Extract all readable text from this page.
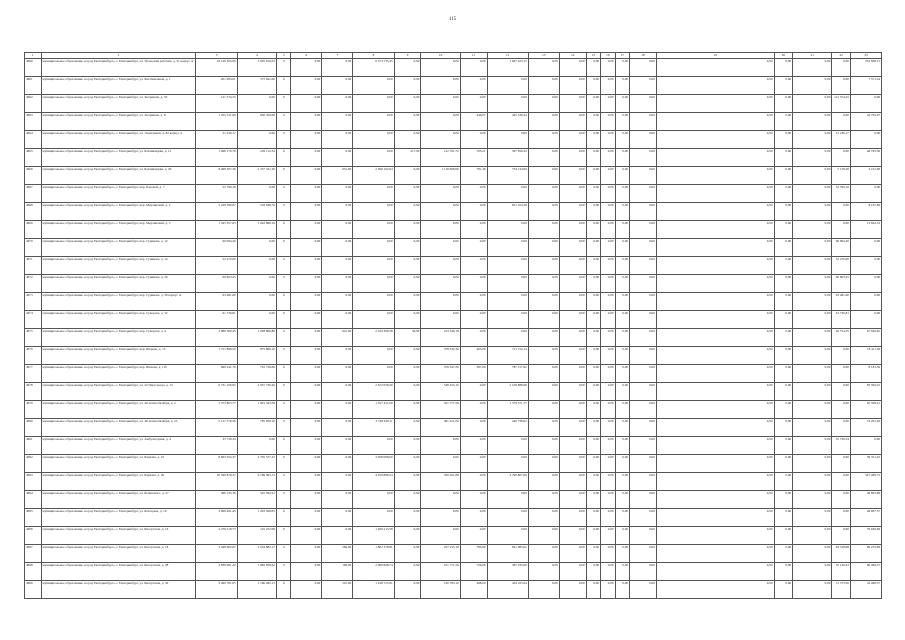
115
1	2	3	4	5	6	7	8	9	10	11	12	13	14	15	16	17	18	19	20	21	22	23
4660	муниципальное образование «город Екатеринбург», г. Екатеринбург, ул. Уральских рабочих, д. 51 корпус А	16 149 305,09	3 905 816,03	0	0,00	0,00	6 573 735,45	0,00	0,00	0,00	1 667 423,15	0,00	0,00	0,00	0,00	0,00	0,00	0,00	0,00	0,00	0,00	252 608,15
4661	муниципальное образование «город Екатеринбург», г. Екатеринбург, ул. Фестивальная, д. 1	201 083,61	575 641,00	0	0,00	0,00	0,00	0,00	0,00	0,00	0,00	0,00	0,00	0,00	0,00	0,00	0,00	0,00	0,00	0,00	0,00	7 371,24
4662	муниципальное образование «город Екатеринбург», г. Екатеринбург, ул. Хохрякова, д. 33	121 574,25	0,00	0	0,00	0,00	0,00	0,00	0,00	0,00	0,00	0,00	0,00	0,00	0,00	0,00	0,00	0,00	0,00	0,00	121 574,25	0,00
4663	муниципальное образование «город Екатеринбург», г. Екатеринбург, ул. Хохрякова, д. 8	1 455 531,99	856 350,00	0	0,00	0,00	0,00	0,00	0,00	449,07	445 536,24	0,00	0,00	0,00	0,00	0,00	0,00	0,00	0,00	0,00	0,00	42 763,07
4664	муниципальное образование «город Екатеринбург», г. Екатеринбург, ул. Электриков, д. 82 корпус 4	51 236,17	0,00	0	0,00	0,00	0,00	0,00	0,00	0,00	0,00	0,00	0,00	0,00	0,00	0,00	0,00	0,00	0,00	0,00	51 236,17	0,00
4665	муниципальное образование «город Екатеринбург», г. Екатеринбург, ул. Бахчиванджи, д. 12	1 468 170,76	229 112,34	0	0,00	0,00	0,00	217,00	212 761,72	705,21	597 856,32	0,00	0,00	0,00	0,00	0,00	0,00	0,00	0,00	0,00	0,00	46 765,36
4666	муниципальное образование «город Екатеринбург», г. Екатеринбург, ул. Бахчиванджи, д. 20	8 498 307,36	1 257 321,36	0	0,00	651,00	2 366 102,64	0,00	1 118 698,06	781,36	734 134,90	0,00	0,00	0,00	0,00	0,00	0,00	0,00	0,00	0,00	5 178,26	3 212,90
4667	муниципальное образование «город Екатеринбург», г. Екатеринбург, пер. Боровой, д. 7	52 790,16	0,00	0	0,00	0,00	0,00	0,00	0,00	0,00	0,00	0,00	0,00	0,00	0,00	0,00	0,00	0,00	0,00	0,00	52 790,16	0,00
4668	муниципальное образование «город Екатеринбург», г. Екатеринбург, пер. Медлинский, д. 2	2 229 390,07	518 648,79	0	0,00	0,00	0,00	0,00	0,00	0,00	651 104,58	0,00	0,00	0,00	0,00	0,00	0,00	0,00	0,00	0,00	0,00	8 167,69
4669	муниципальное образование «город Екатеринбург», г. Екатеринбург, пер. Медлинский, д. 3	1 545 357,63	1 042 868,19	0	0,00	0,00	0,00	0,00	0,00	0,00	0,00	0,00	0,00	0,00	0,00	0,00	0,00	0,00	0,00	0,00	0,00	13 694,53
4670	муниципальное образование «город Екатеринбург», г. Екатеринбург, пер. Сурикова, д. 12	90 094,20	0,00	0	0,00	0,00	0,00	0,00	0,00	0,00	0,00	0,00	0,00	0,00	0,00	0,00	0,00	0,00	0,00	0,00	90 094,20	0,00
4671	муниципальное образование «город Екатеринбург», г. Екатеринбург, пер. Сурикова, д. 14	52 270,00	0,00	0	0,00	0,00	0,00	0,00	0,00	0,00	0,00	0,00	0,00	0,00	0,00	0,00	0,00	0,00	0,00	0,00	52 270,00	0,00
4672	муниципальное образование «город Екатеринбург», г. Екатеринбург, пер. Сурикова, д. 29	60 603,25	0,00	0	0,00	0,00	0,00	0,00	0,00	0,00	0,00	0,00	0,00	0,00	0,00	0,00	0,00	0,00	0,00	0,00	60 603,25	0,00
4673	муниципальное образование «город Екатеринбург», г. Екатеринбург, пер. Сурикова, д. 39 корпус А	63 481,60	0,00	0	0,00	0,00	0,00	0,00	0,00	0,00	0,00	0,00	0,00	0,00	0,00	0,00	0,00	0,00	0,00	0,00	63 481,60	0,00
4674	муниципальное образование «город Екатеринбург», г. Екатеринбург, пер. Суворова, д. 32	61 736,81	0,00	0	0,00	0,00	0,00	0,00	0,00	0,00	0,00	0,00	0,00	0,00	0,00	0,00	0,00	0,00	0,00	0,00	61 736,81	0,00
4675	муниципальное образование «город Екатеринбург», г. Екатеринбург, пер. Суворова, д. 4	2 980 360,45	1 028 866,86	0	0,00	641,00	2 329 366,38	56,00	413 346,18	0,00	0,00	0,00	0,00	0,00	0,00	0,00	0,00	0,00	0,00	0,00	26 754,35	97 940,65
4676	муниципальное образование «город Екатеринбург», г. Екатеринбург, пер. Шарова, д. 15	1 751 898,50	875 866,10	0	0,00	0,00	0,00	0,00	378 332,30	403,00	711 152,14	0,00	0,00	0,00	0,00	0,00	0,00	0,00	0,00	0,00	0,00	18 411,56
4677	муниципальное образование «город Екатеринбург», г. Екатеринбург, пер. Шахова, д. 11б	699 241,76	761 729,06	0	0,00	0,00	0,00	0,00	378 347,20	387,00	787 157,92	0,00	0,00	0,00	0,00	0,00	0,00	0,00	0,00	0,00	0,00	8 181,59
4678	муниципальное образование «город Екатеринбург», г. Екатеринбург, ул. 22 Партсъезда, д. 15	6 731 106,95	2 937 736,46	0	0,00	0,00	2 672 058,49	0,00	548 323,10	0,00	2 109 888,08	0,00	0,00	0,00	0,00	0,00	0,00	0,00	0,00	0,00	0,00	83 395,01
4679	муниципальное образование «город Екатеринбург», г. Екатеринбург, ул. 40-летия Октября, д. 2	5 373 803,77	1 891 343,56	0	0,00	0,00	1 357 451,00	0,00	321 777,56	0,00	1 579 571,77	0,00	0,00	0,00	0,00	0,00	0,00	0,00	0,00	0,00	0,00	65 598,41
4680	муниципальное образование «город Екатеринбург», г. Екатеринбург, ул. 40-летия Октября, д. 25	5 121 576,56	785 958,10	0	0,00	0,00	3 748 428,11	0,00	481 221,00	0,00	240 738,02	0,00	0,00	0,00	0,00	0,00	0,00	0,00	0,00	0,00	0,00	74 291,26
4681	муниципальное образование «город Екатеринбург», г. Екатеринбург, ул. Амбулаторная, д. 4	35 730,34	0,00	0	0,00	0,00	0,00	0,00	0,00	0,00	0,00	0,00	0,00	0,00	0,00	0,00	0,00	0,00	0,00	0,00	35 730,34	0,00
4682	муниципальное образование «город Екатеринбург», г. Екатеринбург, ул. Баумана, д. 10	8 663 354,37	2 795 577,47	0	0,00	0,00	3 508 008,60	0,00	0,00	0,00	0,00	0,00	0,00	0,00	0,00	0,00	0,00	0,00	0,00	0,00	0,00	39 351,45
4683	муниципальное образование «город Екатеринбург», г. Екатеринбург, ул. Баумана, д. 20	20 599 879,37	6 189 565,13	0	0,00	0,00	4 059 889,24	0,00	350 261,88	0,00	3 790 807,09	0,00	0,00	0,00	0,00	0,00	0,00	0,00	0,00	0,00	0,00	597 408,75
4684	муниципальное образование «город Екатеринбург», г. Екатеринбург, ул. Белинского, д. 27	366 135,36	545 592,91	0	0,00	0,00	0,00	0,00	0,00	0,00	0,00	0,00	0,00	0,00	0,00	0,00	0,00	0,00	0,00	0,00	0,00	49 893,89
4685	муниципальное образование «город Екатеринбург», г. Екатеринбург, ул. Бехтерева, д. 16	3 668 481,45	1 293 568,05	0	0,00	0,00	0,00	0,00	0,00	0,00	0,00	0,00	0,00	0,00	0,00	0,00	0,00	0,00	0,00	0,00	0,00	49 097,37
4686	муниципальное образование «город Екатеринбург», г. Екатеринбург, ул. Бисертская, д. 16	2 479 518,73	125 252,08	0	0,00	0,00	1 269 213,58	0,00	0,00	0,00	0,00	0,00	0,00	0,00	0,00	0,00	0,00	0,00	0,00	0,00	0,00	76 949,69
4687	муниципальное образование «город Екатеринбург», г. Екатеринбург, ул. Бисертская, д. 18	3 448 602,67	2 034 882,17	0	0,00	584,00	1 862 378,81	0,00	257 255,10	783,00	841 085,02	0,00	0,00	0,00	0,00	0,00	0,00	0,00	0,00	0,00	63 318,68	99 253,69
4688	муниципальное образование «город Екатеринбург», г. Екатеринбург, ул. Бисертская, д. 28	4 839 981,20	1 882 958,62	0	0,00	106,00	2 080 668,74	0,00	101 771,56	729,00	367 035,06	0,00	0,00	0,00	0,00	0,00	0,00	0,00	0,00	0,00	35 149,23	96 469,57
4689	муниципальное образование «город Екатеринбург», г. Екатеринбург, ул. Бисертская, д. 30	3 499 781,05	1 186 282,13	0	0,00	501,00	1 438 725,91	0,00	126 783,10	498,00	434 165,04	0,00	0,00	0,00	0,00	0,00	0,00	0,00	0,00	0,00	51 573,56	43 406,37
